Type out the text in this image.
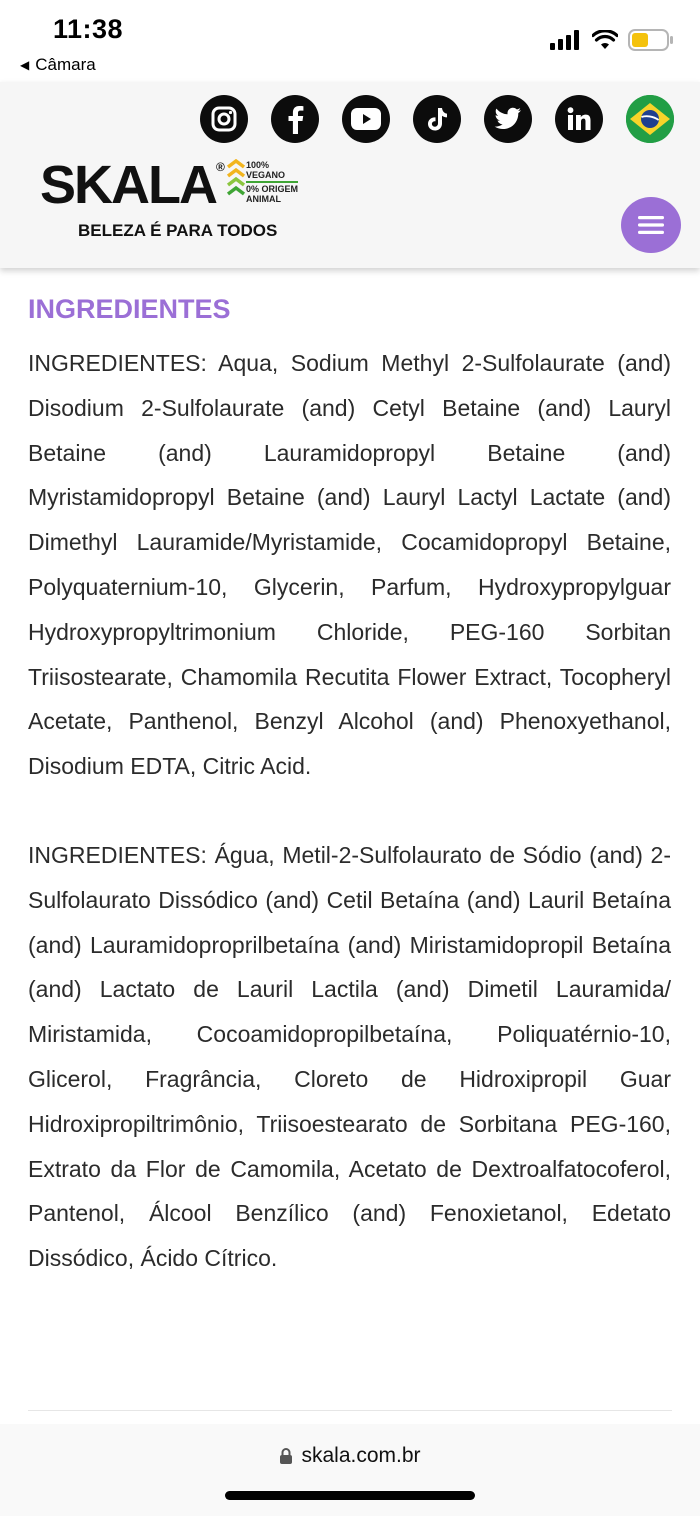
11:38
◀ Câmara
SKALA®
BELEZA É PARA TODOS
100%
VEGANO
0% ORIGEM
ANIMAL
INGREDIENTES

INGREDIENTES: Aqua, Sodium Methyl 2-Sulfolaurate (and) Disodium 2-Sulfolaurate (and) Cetyl Betaine (and) Lauryl Betaine (and) Lauramidopropyl Betaine (and) Myristamidopropyl Betaine (and) Lauryl Lactyl Lactate (and) Dimethyl Lauramide/Myristamide, Cocamidopropyl Betaine, Polyquaternium-10, Glycerin, Parfum, Hydroxypropylguar Hydroxypropyltrimonium Chloride, PEG-160 Sorbitan Triisostearate, Chamomila Recutita Flower Extract, Tocopheryl Acetate, Panthenol, Benzyl Alcohol (and) Phenoxyethanol, Disodium EDTA, Citric Acid.

INGREDIENTES: Água, Metil-2-Sulfolaurato de Sódio (and) 2-Sulfolaurato Dissódico (and) Cetil Betaína (and) Lauril Betaína (and) Lauramidoproprilbetaína (and) Miristamidopropil Betaína (and) Lactato de Lauril Lactila (and) Dimetil Lauramida/ Miristamida, Cocoamidopropilbetaína, Poliquatérnio-10, Glicerol, Fragrância, Cloreto de Hidroxipropil Guar Hidroxipropiltrimônio, Triisoestearato de Sorbitana PEG-160, Extrato da Flor de Camomila, Acetato de Dextroalfatocoferol, Pantenol, Álcool Benzílico (and) Fenoxietanol, Edetato Dissódico, Ácido Cítrico.

skala.com.br
